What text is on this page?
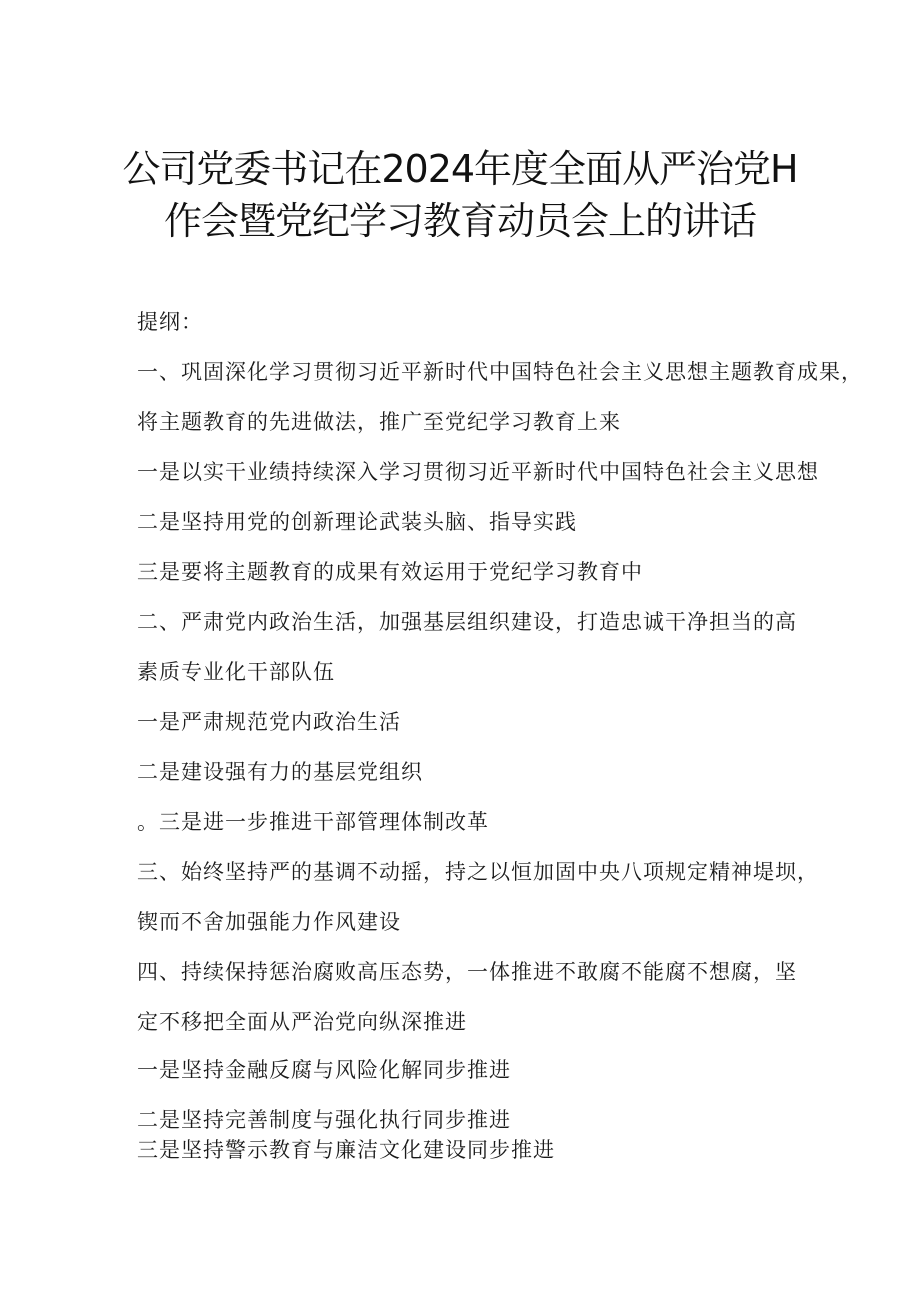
公司党委书记在2024年度全面从严治党H
作会暨党纪学习教育动员会上的讲话
提纲：
一、巩固深化学习贯彻习近平新时代中国特色社会主义思想主题教育成果，
将主题教育的先进做法，推广至党纪学习教育上来
一是以实干业绩持续深入学习贯彻习近平新时代中国特色社会主义思想
二是坚持用党的创新理论武装头脑、指导实践
三是要将主题教育的成果有效运用于党纪学习教育中
二、严肃党内政治生活，加强基层组织建设，打造忠诚干净担当的高
素质专业化干部队伍
一是严肃规范党内政治生活
二是建设强有力的基层党组织
。三是进一步推进干部管理体制改革
三、始终坚持严的基调不动摇，持之以恒加固中央八项规定精神堤坝，
锲而不舍加强能力作风建设
四、持续保持惩治腐败高压态势，一体推进不敢腐不能腐不想腐，坚
定不移把全面从严治党向纵深推进
一是坚持金融反腐与风险化解同步推进
二是坚持完善制度与强化执行同步推进
三是坚持警示教育与廉洁文化建设同步推进
